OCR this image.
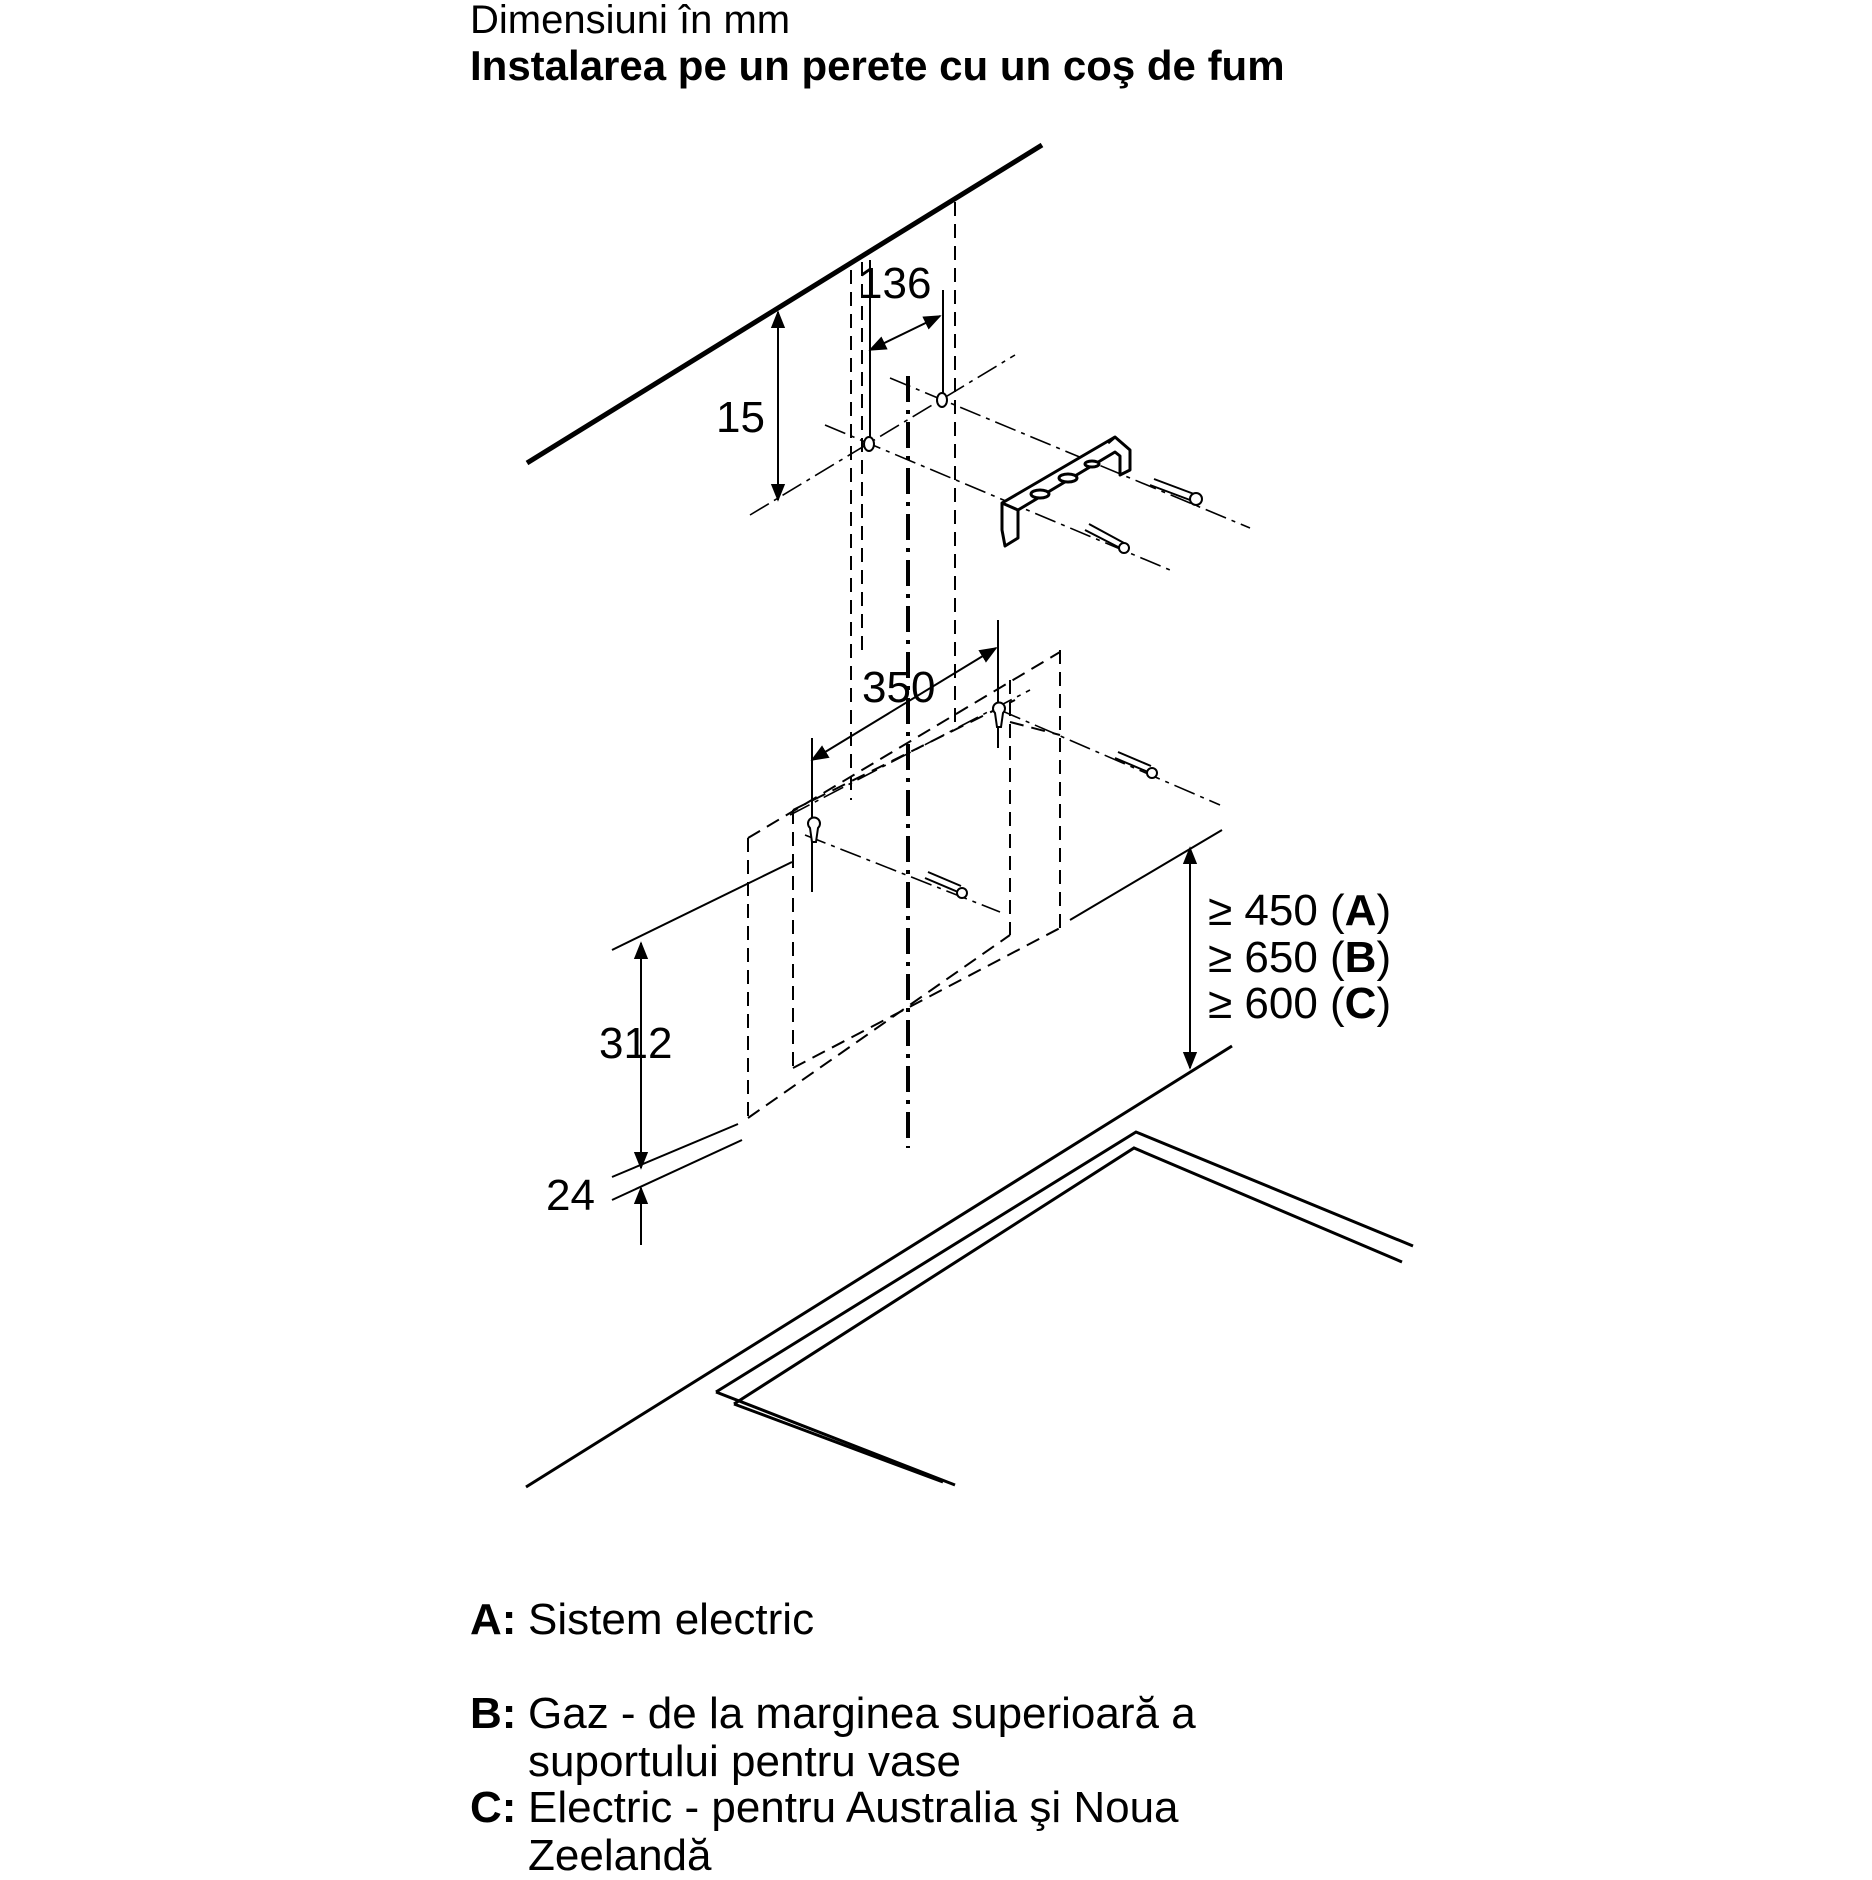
Dimensiuni în mm
Instalarea pe un perete cu un coş de fum
136
15
350
312
24
≥ 450 (A)
≥ 650 (B)
≥ 600 (C)
A: Sistem electric
B: Gaz - de la marginea superioară a
suportului pentru vase
C: Electric - pentru Australia şi Noua
Zeelandă
